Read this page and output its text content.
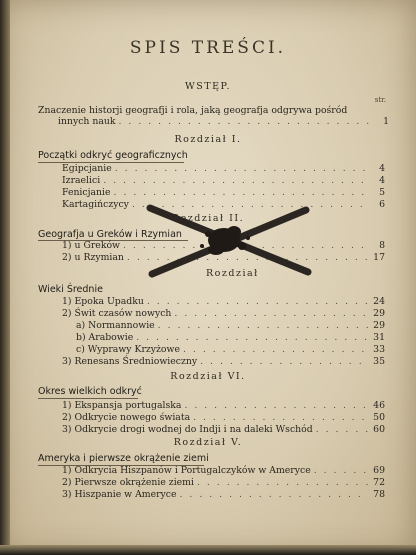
SPIS TREŚCI.
WSTĘP.
str.
Znaczenie historji geografji i rola, jaką geografja odgrywa pośród
innych nauk . . .	1
Rozdział I.
Początki odkryć geograficznych
Egipcjanie . . .	4
Izraelici . . .	4
Fenicjanie . . .	5
Kartagińczycy . . .	6
Rozdział II.
Geografja u Greków i Rzymian
1) u Greków . . .	8
2) u Rzymian . . .	17
Rozdział
Wieki Średnie
1) Epoka Upadku . . .	24
2) Świt czasów nowych . . .	29
a) Normannowie . . .	29
b) Arabowie . . .	31
c) Wyprawy Krzyżowe . . .	33
3) Renesans Średniowieczny . . .	35
Rozdział VI.
Okres wielkich odkryć
1) Ekspansja portugalska . . .	46
2) Odkrycie nowego świata . . .	50
3) Odkrycie drogi wodnej do Indji i na daleki Wschód . . .	60
Rozdział V.
Ameryka i pierwsze okrążenie ziemi
1) Odkrycia Hiszpanów i Portugalczyków w Ameryce . . .	69
2) Pierwsze okrążenie ziemi . . .	72
3) Hiszpanie w Ameryce . . .	78
